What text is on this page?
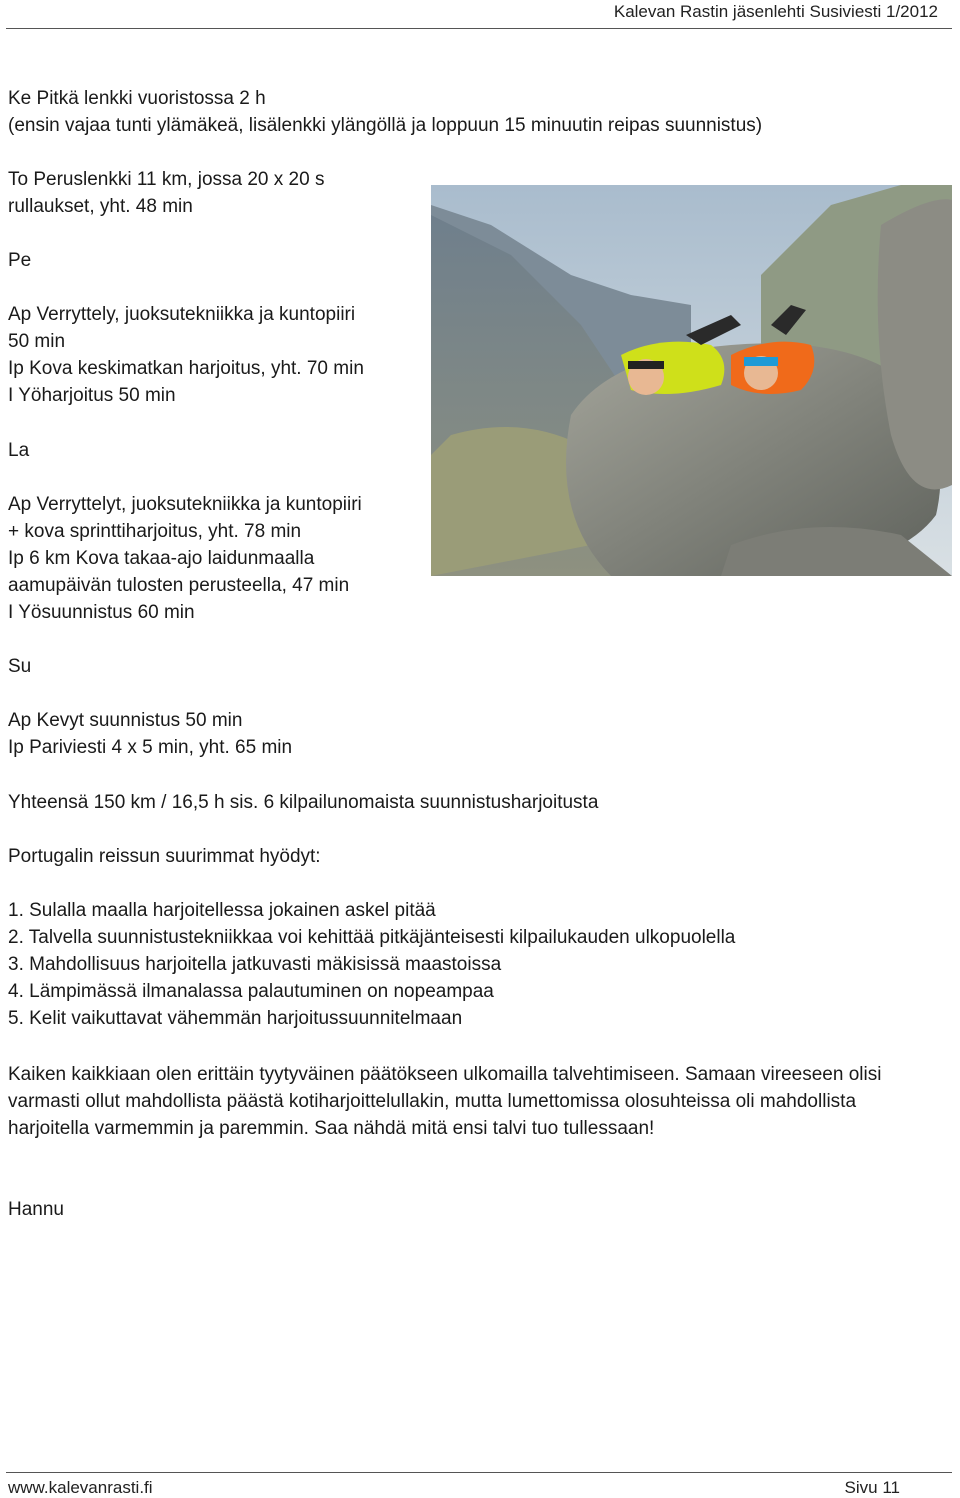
Kalevan Rastin jäsenlehti Susiviesti 1/2012
Ke Pitkä lenkki vuoristossa 2 h
(ensin vajaa tunti ylämäkeä, lisälenkki ylängöllä ja loppuun 15 minuutin reipas suunnistus)
To Peruslenkki 11 km, jossa 20 x 20 s
rullaukset, yht. 48 min
Pe
Ap Verryttely, juoksutekniikka ja kuntopiiri
50 min
Ip Kova keskimatkan harjoitus, yht. 70 min
I Yöharjoitus 50 min
La
Ap Verryttelyt, juoksutekniikka ja kuntopiiri
+ kova sprinttiharjoitus, yht. 78 min
Ip 6 km Kova takaa-ajo laidunmaalla
aamupäivän tulosten perusteella, 47 min
I Yösuunnistus 60 min
Su
Ap Kevyt suunnistus 50 min
Ip Pariviesti 4 x 5 min, yht. 65 min
Yhteensä 150 km / 16,5 h sis. 6 kilpailunomaista suunnistusharjoitusta
Portugalin reissun suurimmat hyödyt:
1. Sulalla maalla harjoitellessa jokainen askel pitää
2. Talvella suunnistustekniikkaa voi kehittää pitkäjänteisesti kilpailukauden ulkopuolella
3. Mahdollisuus harjoitella jatkuvasti mäkisissä maastoissa
4. Lämpimässä ilmanalassa palautuminen on nopeampaa
5. Kelit vaikuttavat vähemmän harjoitussuunnitelmaan
Kaiken kaikkiaan olen erittäin tyytyväinen päätökseen ulkomailla talvehtimiseen. Samaan vireeseen olisi
varmasti ollut mahdollista päästä kotiharjoittelullakin, mutta lumettomissa olosuhteissa oli mahdollista
harjoitella varmemmin ja paremmin. Saa nähdä mitä ensi talvi tuo tullessaan!
Hannu
www.kalevanrasti.fi	Sivu 11
